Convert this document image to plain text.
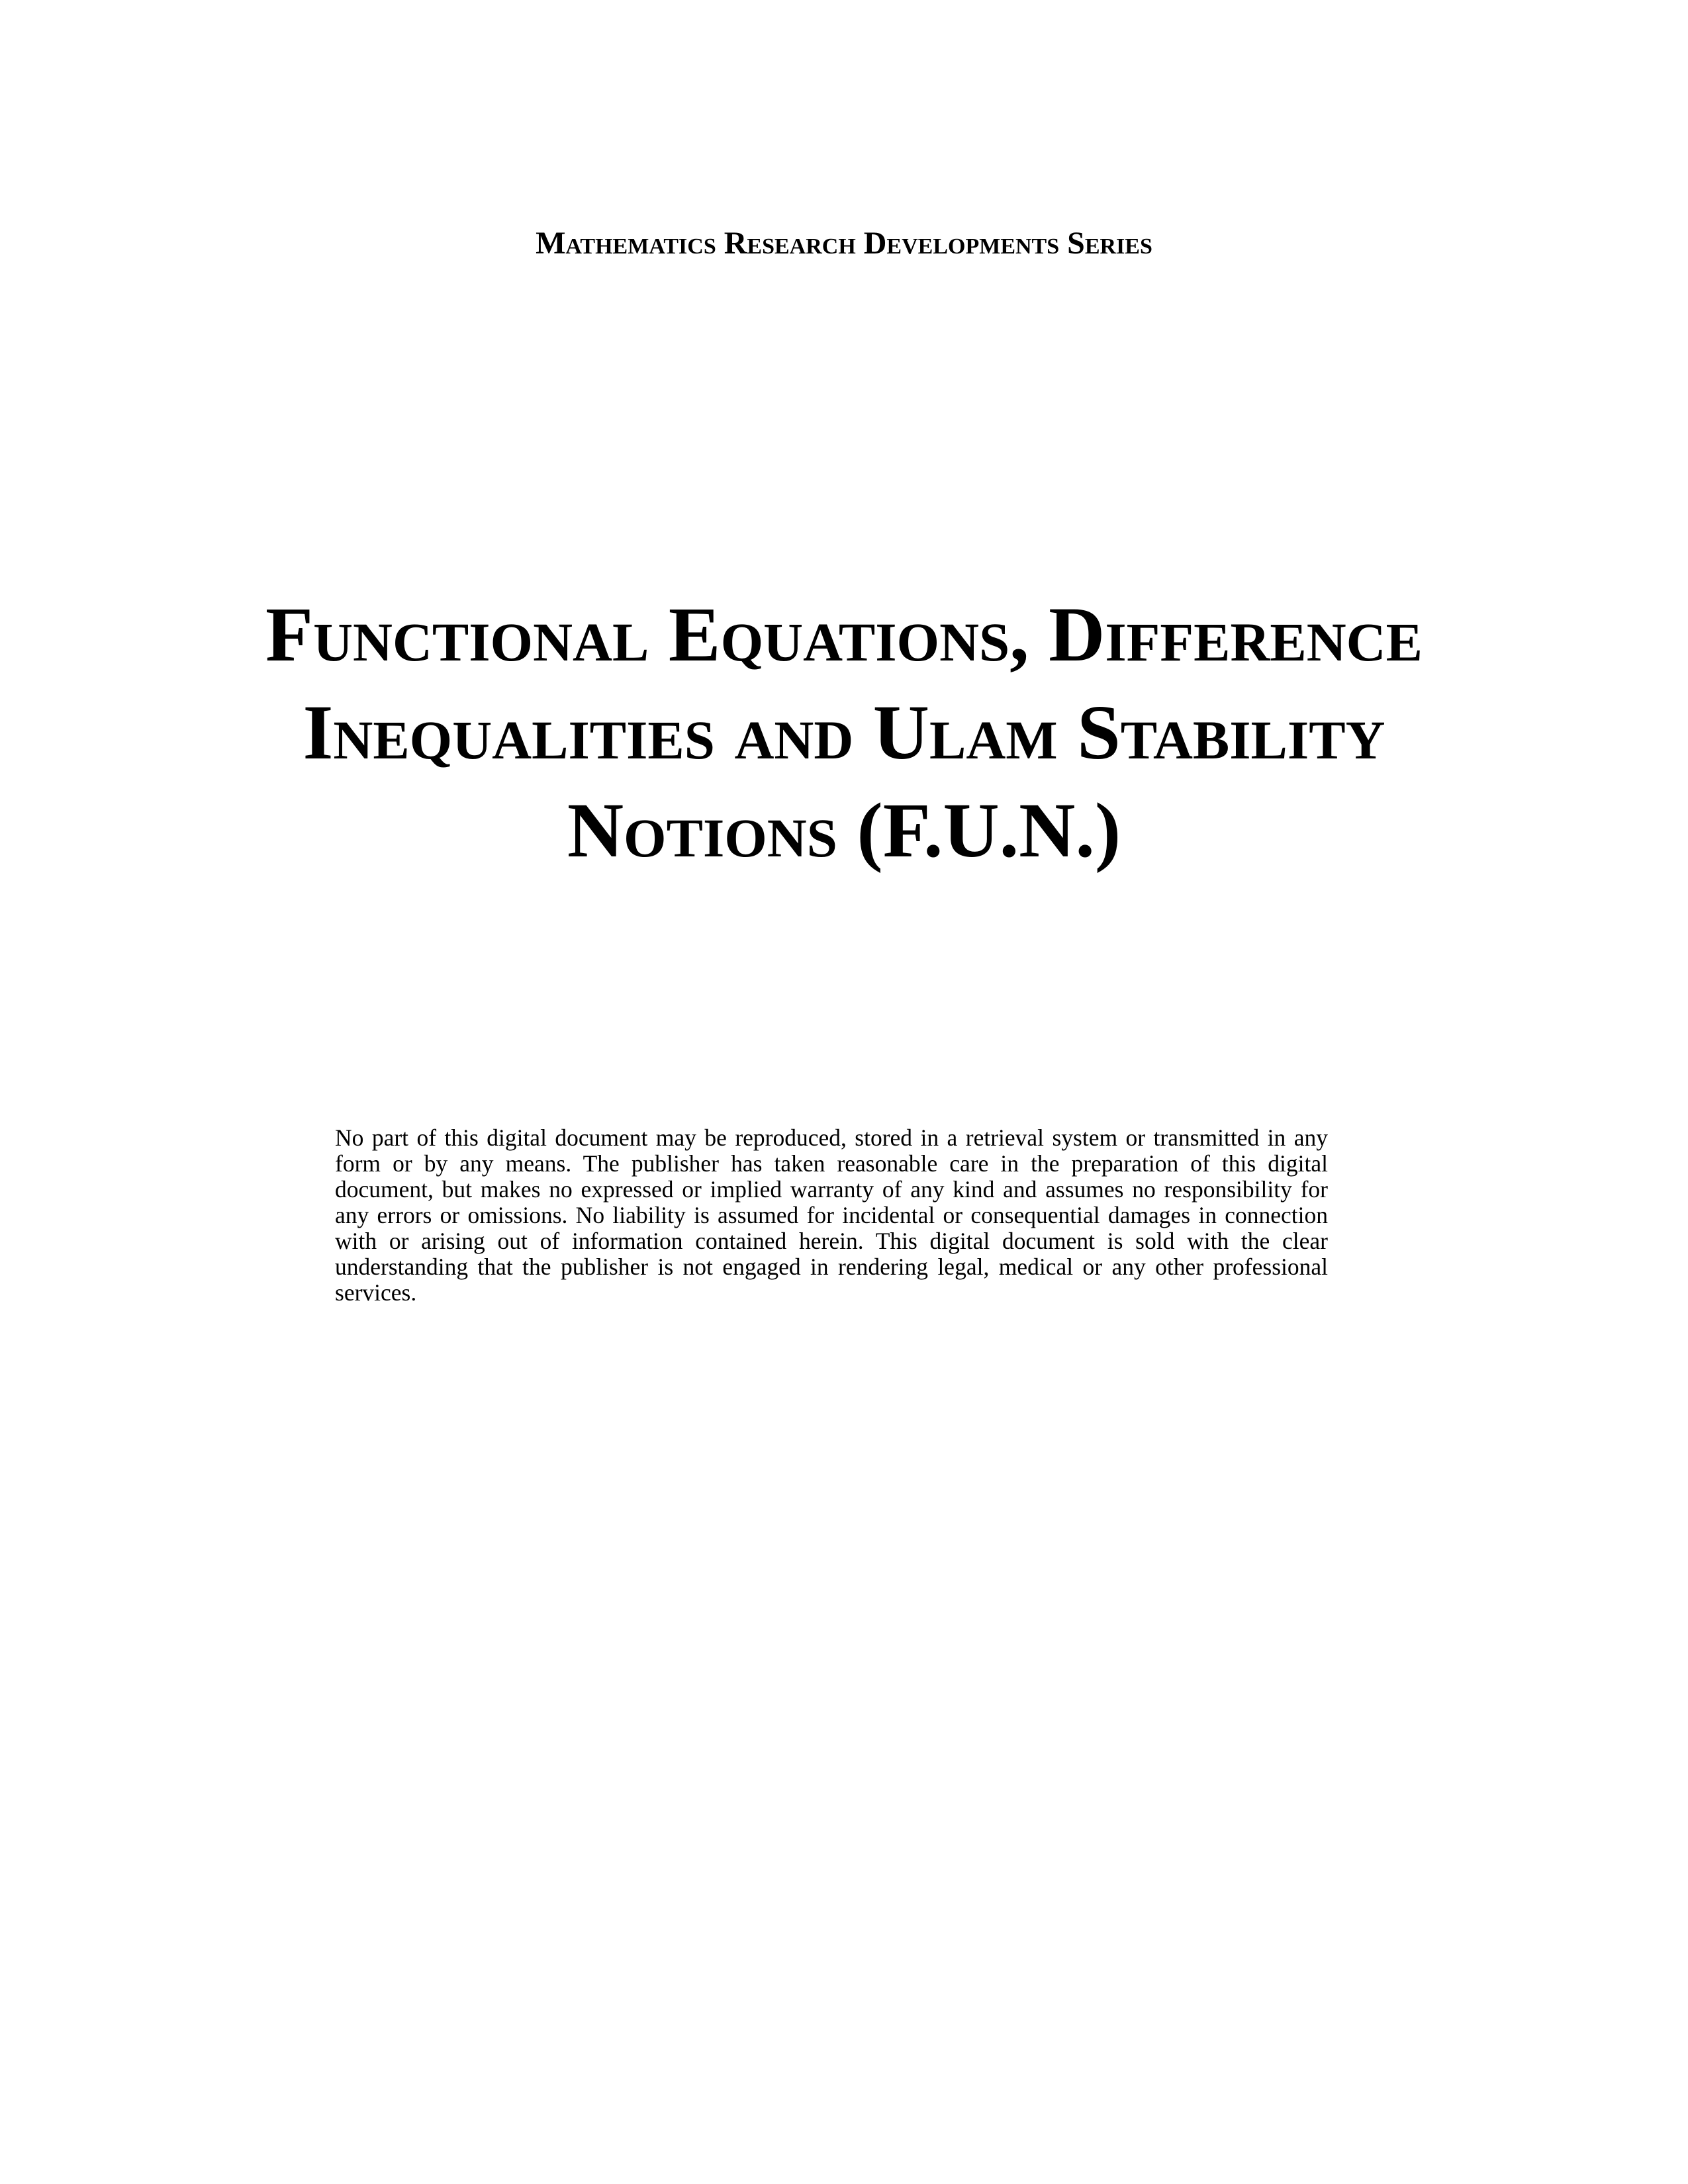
Mathematics Research Developments Series
Functional Equations, Difference
Inequalities and Ulam Stability
Notions (F.U.N.)

No part of this digital document may be reproduced, stored in a retrieval system or transmitted in any form or by any means. The publisher has taken reasonable care in the preparation of this digital document, but makes no expressed or implied warranty of any kind and assumes no responsibility for any errors or omissions. No liability is assumed for incidental or consequential damages in connection with or arising out of information contained herein. This digital document is sold with the clear understanding that the publisher is not engaged in rendering legal, medical or any other professional services.
